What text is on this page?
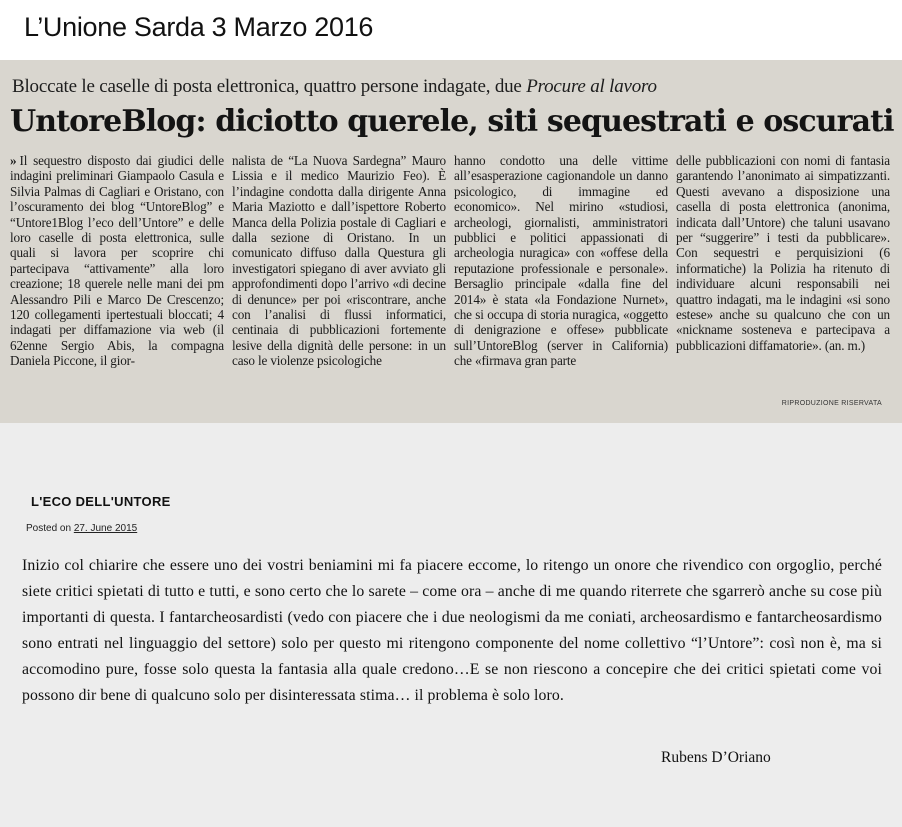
L’Unione Sarda 3 Marzo 2016
Bloccate le caselle di posta elettronica, quattro persone indagate, due Procure al lavoro
UntoreBlog: diciotto querele, siti sequestrati e oscurati
» Il sequestro disposto dai giudici delle indagini preliminari Giampaolo Casula e Silvia Palmas di Cagliari e Oristano, con l’oscuramento dei blog “UntoreBlog” e “Untore1Blog l’eco dell’Untore” e delle loro caselle di posta elettronica, sulle quali si lavora per scoprire chi partecipava “attivamente” alla loro creazione; 18 querele nelle mani dei pm Alessandro Pili e Marco De Crescenzo; 120 collegamenti ipertestuali bloccati; 4 indagati per diffamazione via web (il 62enne Sergio Abis, la compagna Daniela Piccone, il gior-
nalista de “La Nuova Sardegna” Mauro Lissia e il medico Maurizio Feo). È l’indagine condotta dalla dirigente Anna Maria Maziotto e dall’ispettore Roberto Manca della Polizia postale di Cagliari e dalla sezione di Oristano. In un comunicato diffuso dalla Questura gli investigatori spiegano di aver avviato gli approfondimenti dopo l’arrivo «di decine di denunce» per poi «riscontrare, anche con l’analisi di flussi informatici, centinaia di pubblicazioni fortemente lesive della dignità delle persone: in un caso le violenze psicologiche
hanno condotto una delle vittime all’esasperazione cagionandole un danno psicologico, di immagine ed economico». Nel mirino «studiosi, archeologi, giornalisti, amministratori pubblici e politici appassionati di archeologia nuragica» con «offese della reputazione professionale e personale». Bersaglio principale «dalla fine del 2014» è stata «la Fondazione Nurnet», che si occupa di storia nuragica, «oggetto di denigrazione e offese» pubblicate sull’UntoreBlog (server in California) che «firmava gran parte
delle pubblicazioni con nomi di fantasia garantendo l’anonimato ai simpatizzanti. Questi avevano a disposizione una casella di posta elettronica (anonima, indicata dall’Untore) che taluni usavano per “suggerire” i testi da pubblicare». Con sequestri e perquisizioni (6 informatiche) la Polizia ha ritenuto di individuare alcuni responsabili nei quattro indagati, ma le indagini «si sono estese» anche su qualcuno che con un «nickname sosteneva e partecipava a pubblicazioni diffamatorie». (an. m.)
RIPRODUZIONE RISERVATA
L'ECO DELL'UNTORE
Posted on 27. June 2015
Inizio col chiarire che essere uno dei vostri beniamini mi fa piacere eccome, lo ritengo un onore che rivendico con orgoglio, perché siete critici spietati di tutto e tutti, e sono certo che lo sarete – come ora – anche di me quando riterrete che sgarrerò anche su cose più importanti di questa. I fantarcheosardisti (vedo con piacere che i due neologismi da me coniati, archeosardismo e fantarcheosardismo sono entrati nel linguaggio del settore) solo per questo mi ritengono componente del nome collettivo “l’Untore”: così non è, ma si accomodino pure, fosse solo questa la fantasia alla quale credono…E se non riescono a concepire che dei critici spietati come voi possono dir bene di qualcuno solo per disinteressata stima… il problema è solo loro.
Rubens D’Oriano
